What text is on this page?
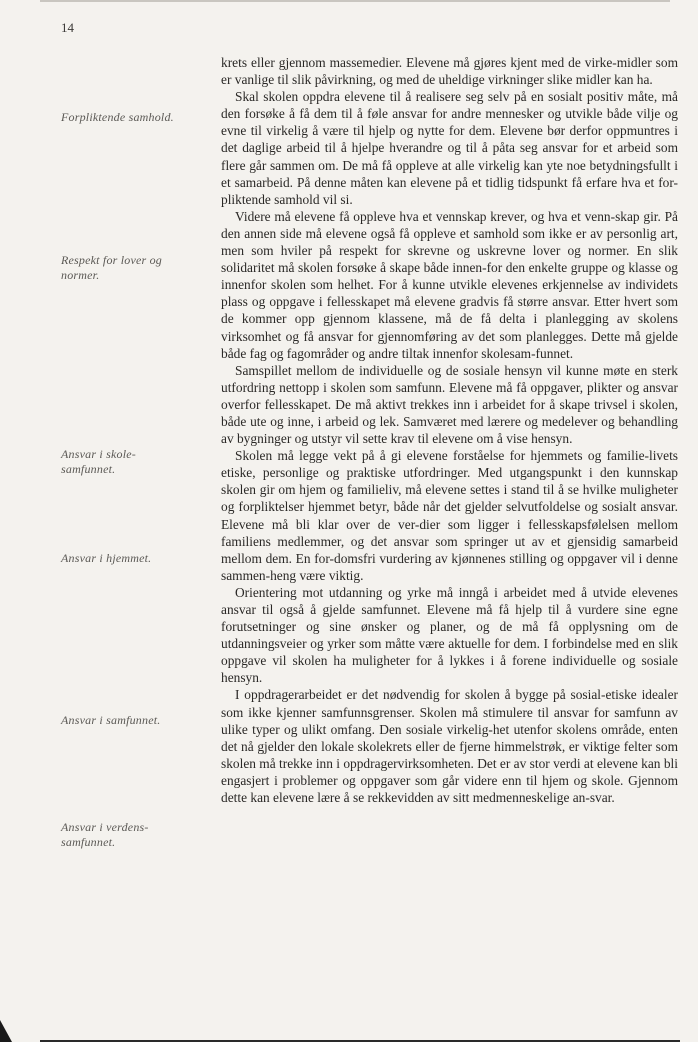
14
Forpliktende samhold.
Respekt for lover og normer.
Ansvar i skole-samfunnet.
Ansvar i hjemmet.
Ansvar i samfunnet.
Ansvar i verdens-samfunnet.

krets eller gjennom massemedier. Elevene må gjøres kjent med de virke-midler som er vanlige til slik påvirkning, og med de uheldige virkninger slike midler kan ha.

Skal skolen oppdra elevene til å realisere seg selv på en sosialt positiv måte, må den forsøke å få dem til å føle ansvar for andre mennesker og utvikle både vilje og evne til virkelig å være til hjelp og nytte for dem. Elevene bør derfor oppmuntres i det daglige arbeid til å hjelpe hverandre og til å påta seg ansvar for et arbeid som flere går sammen om. De må få oppleve at alle virkelig kan yte noe betydningsfullt i et samarbeid. På denne måten kan elevene på et tidlig tidspunkt få erfare hva et for-pliktende samhold vil si.

Videre må elevene få oppleve hva et vennskap krever, og hva et venn-skap gir. På den annen side må elevene også få oppleve et samhold som ikke er av personlig art, men som hviler på respekt for skrevne og uskrevne lover og normer. En slik solidaritet må skolen forsøke å skape både innen-for den enkelte gruppe og klasse og innenfor skolen som helhet. For å kunne utvikle elevenes erkjennelse av individets plass og oppgave i fellesskapet må elevene gradvis få større ansvar. Etter hvert som de kommer opp gjennom klassene, må de få delta i planlegging av skolens virksomhet og få ansvar for gjennomføring av det som planlegges. Dette må gjelde både fag og fagområder og andre tiltak innenfor skolesam-funnet.

Samspillet mellom de individuelle og de sosiale hensyn vil kunne møte en sterk utfordring nettopp i skolen som samfunn. Elevene må få oppgaver, plikter og ansvar overfor fellesskapet. De må aktivt trekkes inn i arbeidet for å skape trivsel i skolen, både ute og inne, i arbeid og lek. Samværet med lærere og medelever og behandling av bygninger og utstyr vil sette krav til elevene om å vise hensyn.

Skolen må legge vekt på å gi elevene forståelse for hjemmets og familie-livets etiske, personlige og praktiske utfordringer. Med utgangspunkt i den kunnskap skolen gir om hjem og familieliv, må elevene settes i stand til å se hvilke muligheter og forpliktelser hjemmet betyr, både når det gjelder selvutfoldelse og sosialt ansvar. Elevene må bli klar over de ver-dier som ligger i fellesskapsfølelsen mellom familiens medlemmer, og det ansvar som springer ut av et gjensidig samarbeid mellom dem. En for-domsfri vurdering av kjønnenes stilling og oppgaver vil i denne sammen-heng være viktig.

Orientering mot utdanning og yrke må inngå i arbeidet med å utvide elevenes ansvar til også å gjelde samfunnet. Elevene må få hjelp til å vurdere sine egne forutsetninger og sine ønsker og planer, og de må få opplysning om de utdanningsveier og yrker som måtte være aktuelle for dem. I forbindelse med en slik oppgave vil skolen ha muligheter for å lykkes i å forene individuelle og sosiale hensyn.

I oppdragerarbeidet er det nødvendig for skolen å bygge på sosial-etiske idealer som ikke kjenner samfunnsgrenser. Skolen må stimulere til ansvar for samfunn av ulike typer og ulikt omfang. Den sosiale virkelig-het utenfor skolens område, enten det nå gjelder den lokale skolekrets eller de fjerne himmelstrøk, er viktige felter som skolen må trekke inn i oppdragervirksomheten. Det er av stor verdi at elevene kan bli engasjert i problemer og oppgaver som går videre enn til hjem og skole. Gjennom dette kan elevene lære å se rekkevidden av sitt medmenneskelige an-svar.
